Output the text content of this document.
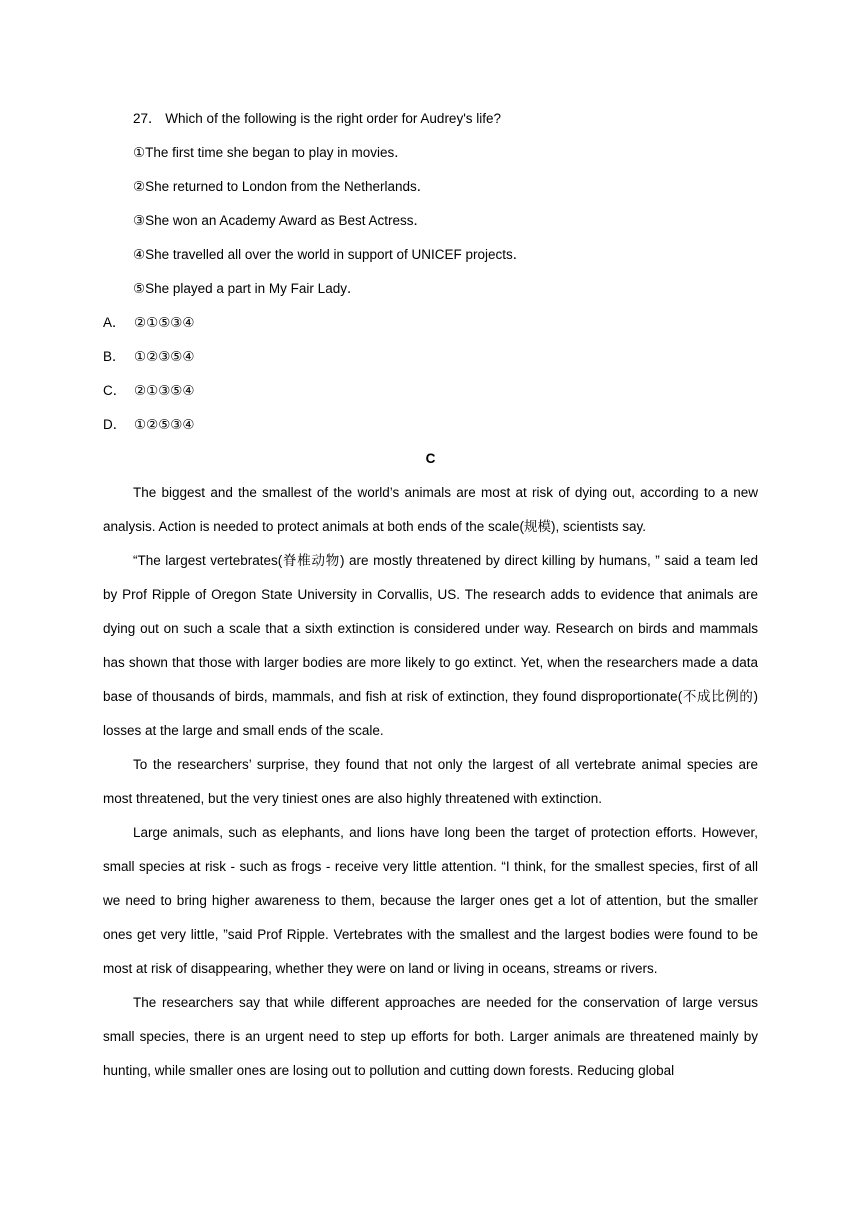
27． Which of the following is the right order for Audrey's life?
①The first time she began to play in movies．
②She returned to London from the Netherlands．
③She won an Academy Award as Best Actress．
④She travelled all over the world in support of UNICEF projects．
⑤She played a part in My Fair Lady．
A． ②①⑤③④
B． ①②③⑤④
C． ②①③⑤④
D． ①②⑤③④
C

The biggest and the smallest of the world’s animals are most at risk of dying out, according to a new analysis. Action is needed to protect animals at both ends of the scale(规模), scientists say.

“The largest vertebrates(脊椎动物) are mostly threatened by direct killing by humans, ” said a team led by Prof Ripple of Oregon State University in Corvallis, US. The research adds to evidence that animals are dying out on such a scale that a sixth extinction is considered under way. Research on birds and mammals has shown that those with larger bodies are more likely to go extinct. Yet, when the researchers made a data base of thousands of birds, mammals, and fish at risk of extinction, they found disproportionate(不成比例的) losses at the large and small ends of the scale.

To the researchers’ surprise, they found that not only the largest of all vertebrate animal species are most threatened, but the very tiniest ones are also highly threatened with extinction.

Large animals, such as elephants, and lions have long been the target of protection efforts. However, small species at risk - such as frogs - receive very little attention. “I think, for the smallest species, first of all we need to bring higher awareness to them, because the larger ones get a lot of attention, but the smaller ones get very little, ”said Prof Ripple. Vertebrates with the smallest and the largest bodies were found to be most at risk of disappearing, whether they were on land or living in oceans, streams or rivers.

The researchers say that while different approaches are needed for the conservation of large versus small species, there is an urgent need to step up efforts for both. Larger animals are threatened mainly by hunting, while smaller ones are losing out to pollution and cutting down forests. Reducing global
